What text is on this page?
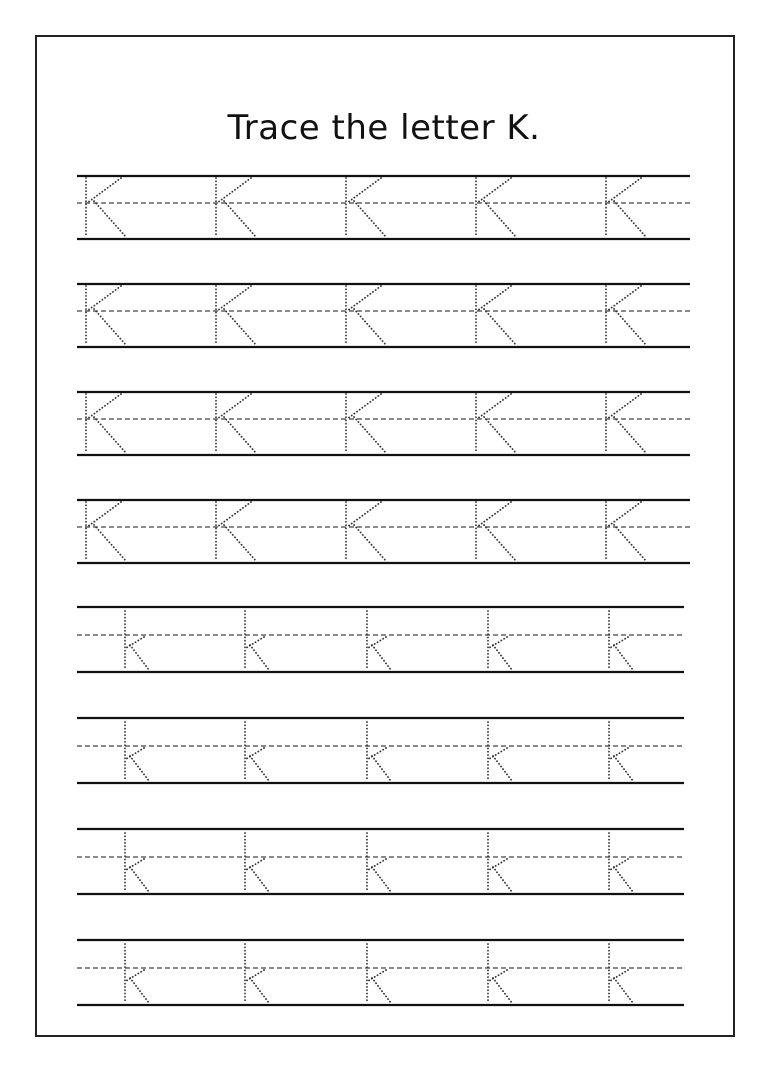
Trace the letter K.
